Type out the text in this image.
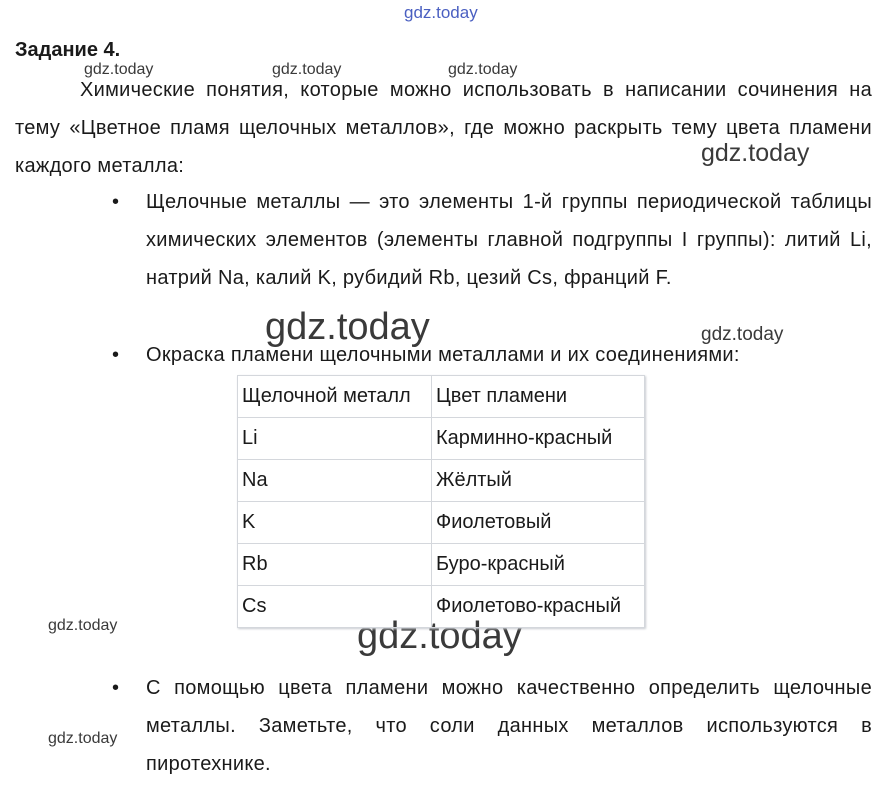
gdz.today
gdz.today	gdz.today	gdz.today
gdz.today
gdz.today	gdz.today
gdz.today	gdz.today
gdz.today
Задание 4.
Химические понятия, которые можно использовать в написании сочинения на тему «Цветное пламя щелочных металлов», где можно раскрыть тему цвета пламени каждого металла:
• Щелочные металлы — это элементы 1-й группы периодической таблицы химических элементов (элементы главной подгруппы I группы): литий Li, натрий Na, калий K, рубидий Rb, цезий Cs, франций F.
• Окраска пламени щелочными металлами и их соединениями:
Щелочной металл	Цвет пламени
Li	Карминно-красный
Na	Жёлтый
K	Фиолетовый
Rb	Буро-красный
Cs	Фиолетово-красный
• С помощью цвета пламени можно качественно определить щелочные металлы. Заметьте, что соли данных металлов используются в пиротехнике.
